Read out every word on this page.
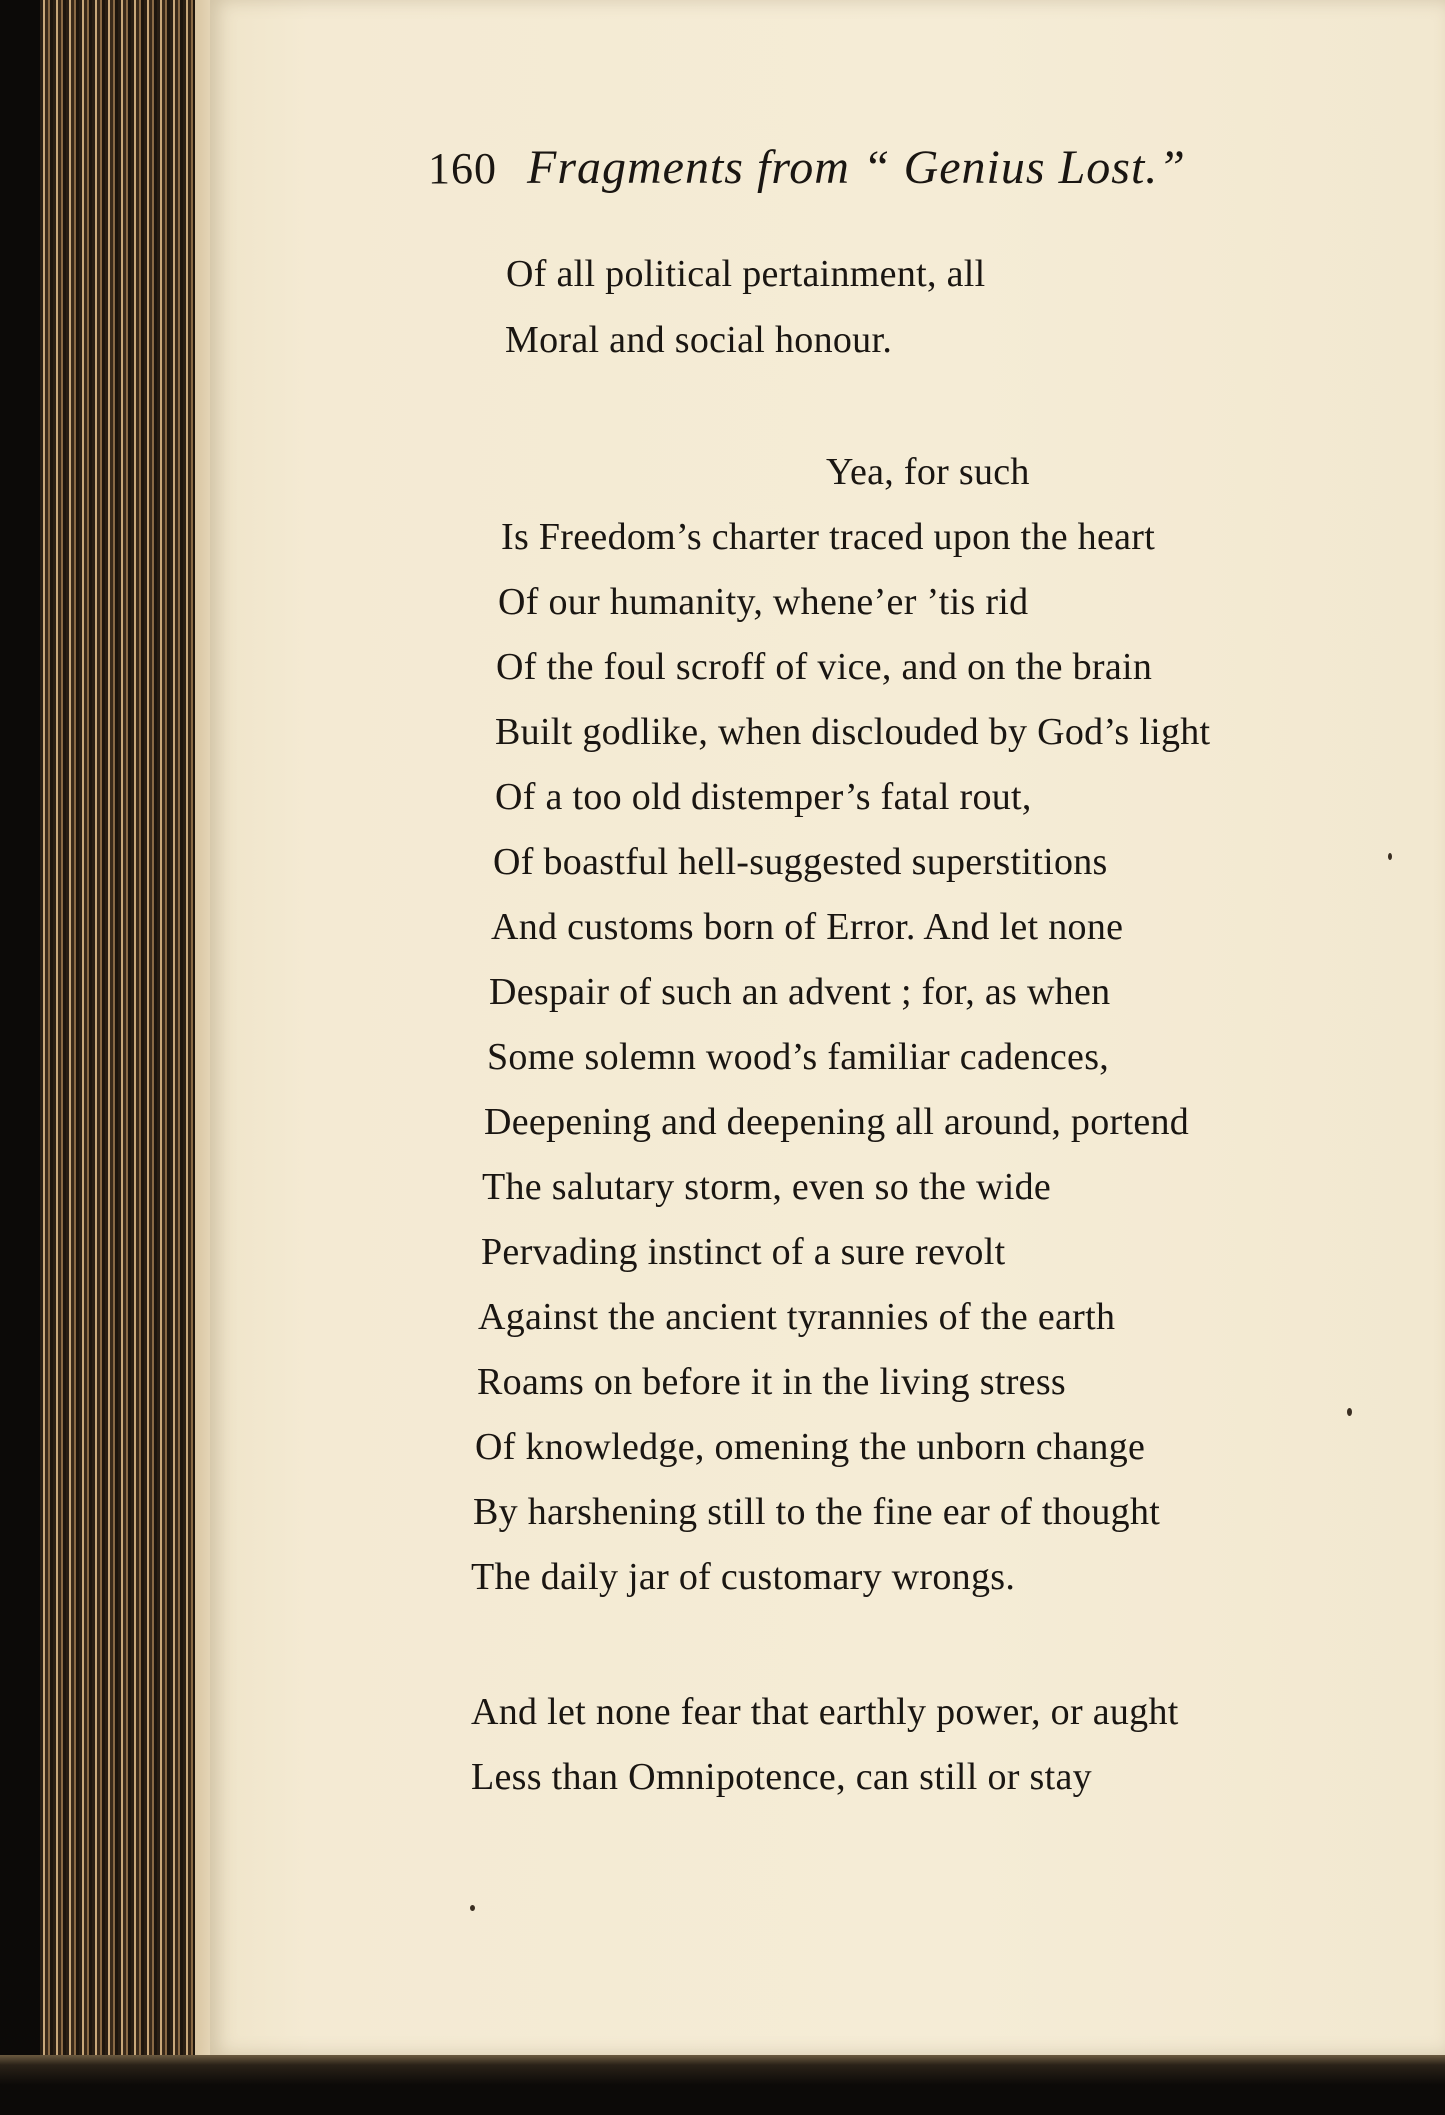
160 Fragments from “ Genius Lost.”
Of all political pertainment, all
Moral and social honour.
Yea, for such
Is Freedom’s charter traced upon the heart
Of our humanity, whene’er ’tis rid
Of the foul scroff of vice, and on the brain
Built godlike, when disclouded by God’s light
Of a too old distemper’s fatal rout,
Of boastful hell-suggested superstitions
And customs born of Error. And let none
Despair of such an advent ; for, as when
Some solemn wood’s familiar cadences,
Deepening and deepening all around, portend
The salutary storm, even so the wide
Pervading instinct of a sure revolt
Against the ancient tyrannies of the earth
Roams on before it in the living stress
Of knowledge, omening the unborn change
By harshening still to the fine ear of thought
The daily jar of customary wrongs.
And let none fear that earthly power, or aught
Less than Omnipotence, can still or stay
